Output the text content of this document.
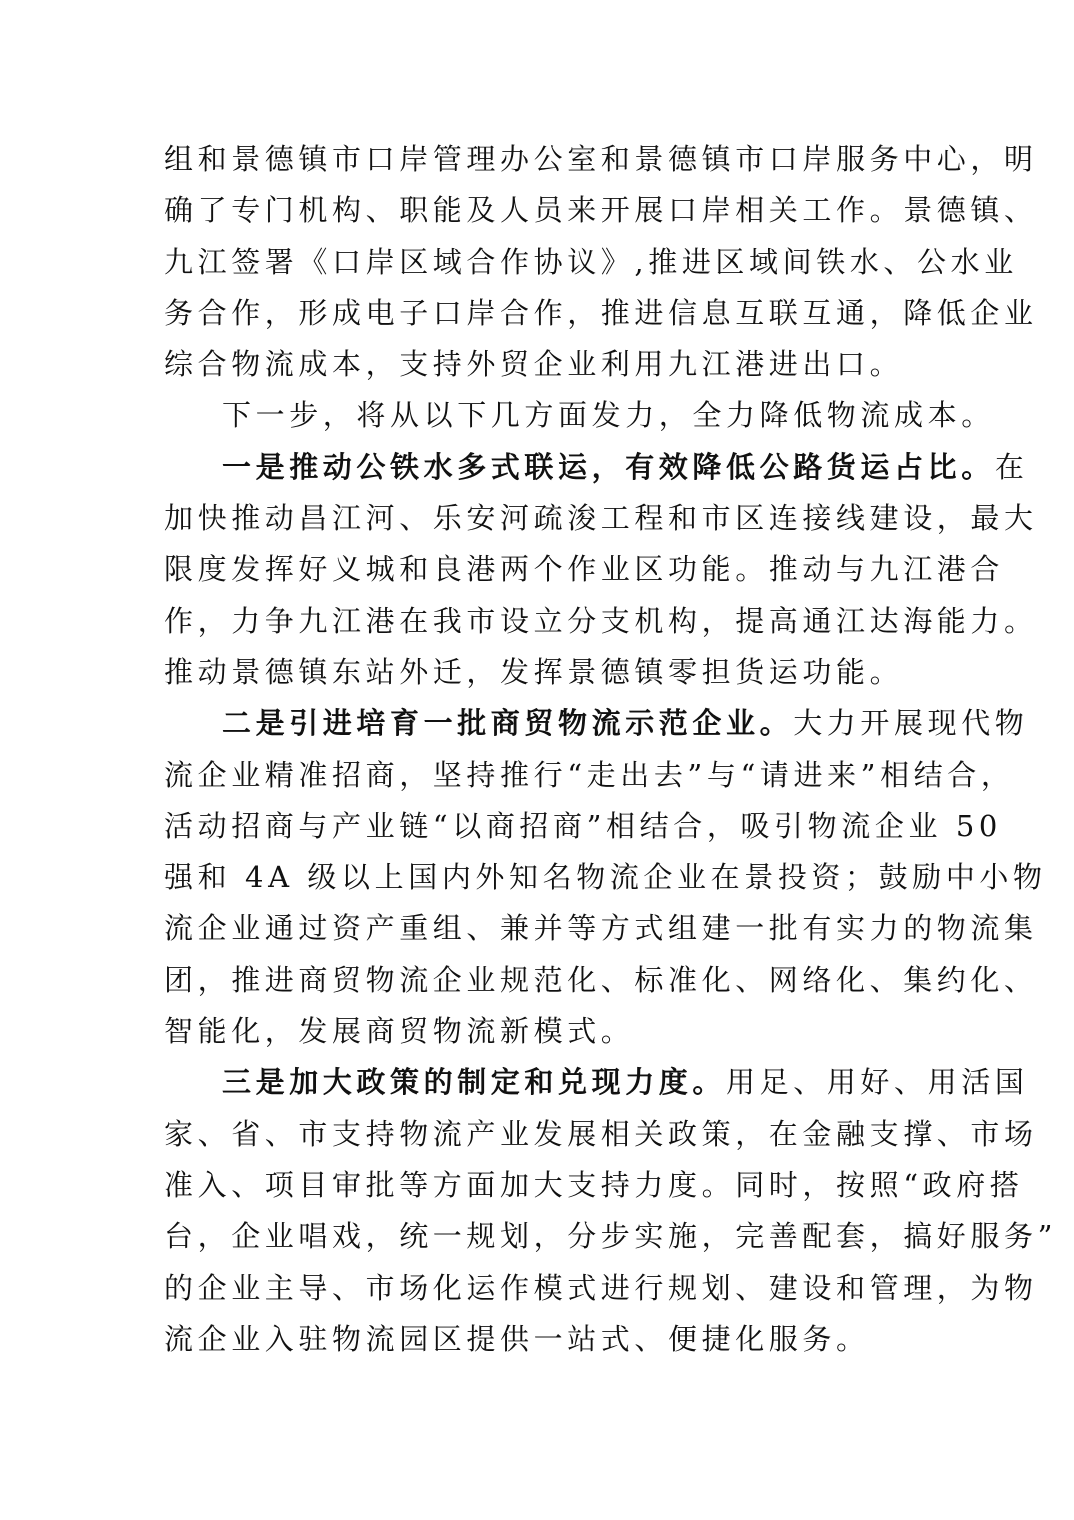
组和景德镇市口岸管理办公室和景德镇市口岸服务中心，明
确了专门机构、职能及人员来开展口岸相关工作。景德镇、
九江签署《口岸区域合作协议》,推进区域间铁水、公水业
务合作，形成电子口岸合作，推进信息互联互通，降低企业
综合物流成本，支持外贸企业利用九江港进出口。
下一步，将从以下几方面发力，全力降低物流成本。
一是推动公铁水多式联运，有效降低公路货运占比。在
加快推动昌江河、乐安河疏浚工程和市区连接线建设，最大
限度发挥好义城和良港两个作业区功能。推动与九江港合
作，力争九江港在我市设立分支机构，提高通江达海能力。
推动景德镇东站外迁，发挥景德镇零担货运功能。
二是引进培育一批商贸物流示范企业。大力开展现代物
流企业精准招商，坚持推行“走出去”与“请进来”相结合，
活动招商与产业链“以商招商”相结合，吸引物流企业 50
强和 4A 级以上国内外知名物流企业在景投资；鼓励中小物
流企业通过资产重组、兼并等方式组建一批有实力的物流集
团，推进商贸物流企业规范化、标准化、网络化、集约化、
智能化，发展商贸物流新模式。
三是加大政策的制定和兑现力度。用足、用好、用活国
家、省、市支持物流产业发展相关政策，在金融支撑、市场
准入、项目审批等方面加大支持力度。同时，按照“政府搭
台，企业唱戏，统一规划，分步实施，完善配套，搞好服务”
的企业主导、市场化运作模式进行规划、建设和管理，为物
流企业入驻物流园区提供一站式、便捷化服务。
